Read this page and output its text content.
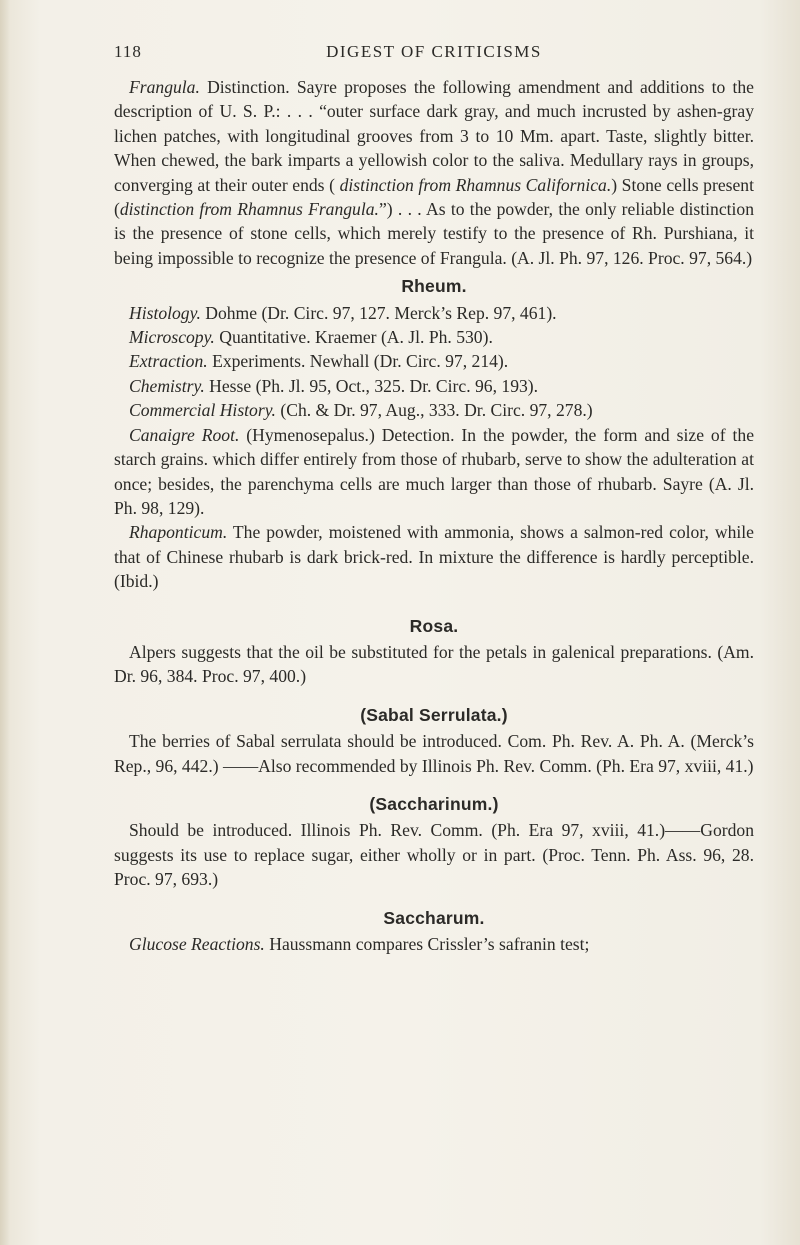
118	DIGEST OF CRITICISMS

Frangula. Distinction. Sayre proposes the following amendment and additions to the description of U. S. P.: . . . “outer surface dark gray, and much incrusted by ashen-gray lichen patches, with longitudinal grooves from 3 to 10 Mm. apart. Taste, slightly bitter. When chewed, the bark imparts a yellowish color to the saliva. Medullary rays in groups, converging at their outer ends ( distinction from Rhamnus Californica.) Stone cells present (distinction from Rhamnus Frangula.”) . . . As to the powder, the only reliable distinction is the presence of stone cells, which merely testify to the presence of Rh. Purshiana, it being impossible to recognize the presence of Frangula. (A. Jl. Ph. 97, 126. Proc. 97, 564.)

Rheum.

Histology. Dohme (Dr. Circ. 97, 127. Merck’s Rep. 97, 461).

Microscopy. Quantitative. Kraemer (A. Jl. Ph. 530).

Extraction. Experiments. Newhall (Dr. Circ. 97, 214).

Chemistry. Hesse (Ph. Jl. 95, Oct., 325. Dr. Circ. 96, 193).

Commercial History. (Ch. & Dr. 97, Aug., 333. Dr. Circ. 97, 278.)

Canaigre Root. (Hymenosepalus.) Detection. In the powder, the form and size of the starch grains. which differ entirely from those of rhubarb, serve to show the adulteration at once; besides, the parenchyma cells are much larger than those of rhubarb. Sayre (A. Jl. Ph. 98, 129).

Rhaponticum. The powder, moistened with ammonia, shows a salmon-red color, while that of Chinese rhubarb is dark brick-red. In mixture the difference is hardly perceptible. (Ibid.)

Rosa.

Alpers suggests that the oil be substituted for the petals in galenical preparations. (Am. Dr. 96, 384. Proc. 97, 400.)

(Sabal Serrulata.)

The berries of Sabal serrulata should be introduced. Com. Ph. Rev. A. Ph. A. (Merck’s Rep., 96, 442.) ——Also recommended by Illinois Ph. Rev. Comm. (Ph. Era 97, xviii, 41.)

(Saccharinum.)

Should be introduced. Illinois Ph. Rev. Comm. (Ph. Era 97, xviii, 41.)——Gordon suggests its use to replace sugar, either wholly or in part. (Proc. Tenn. Ph. Ass. 96, 28. Proc. 97, 693.)

Saccharum.

Glucose Reactions. Haussmann compares Crissler’s safranin test;
